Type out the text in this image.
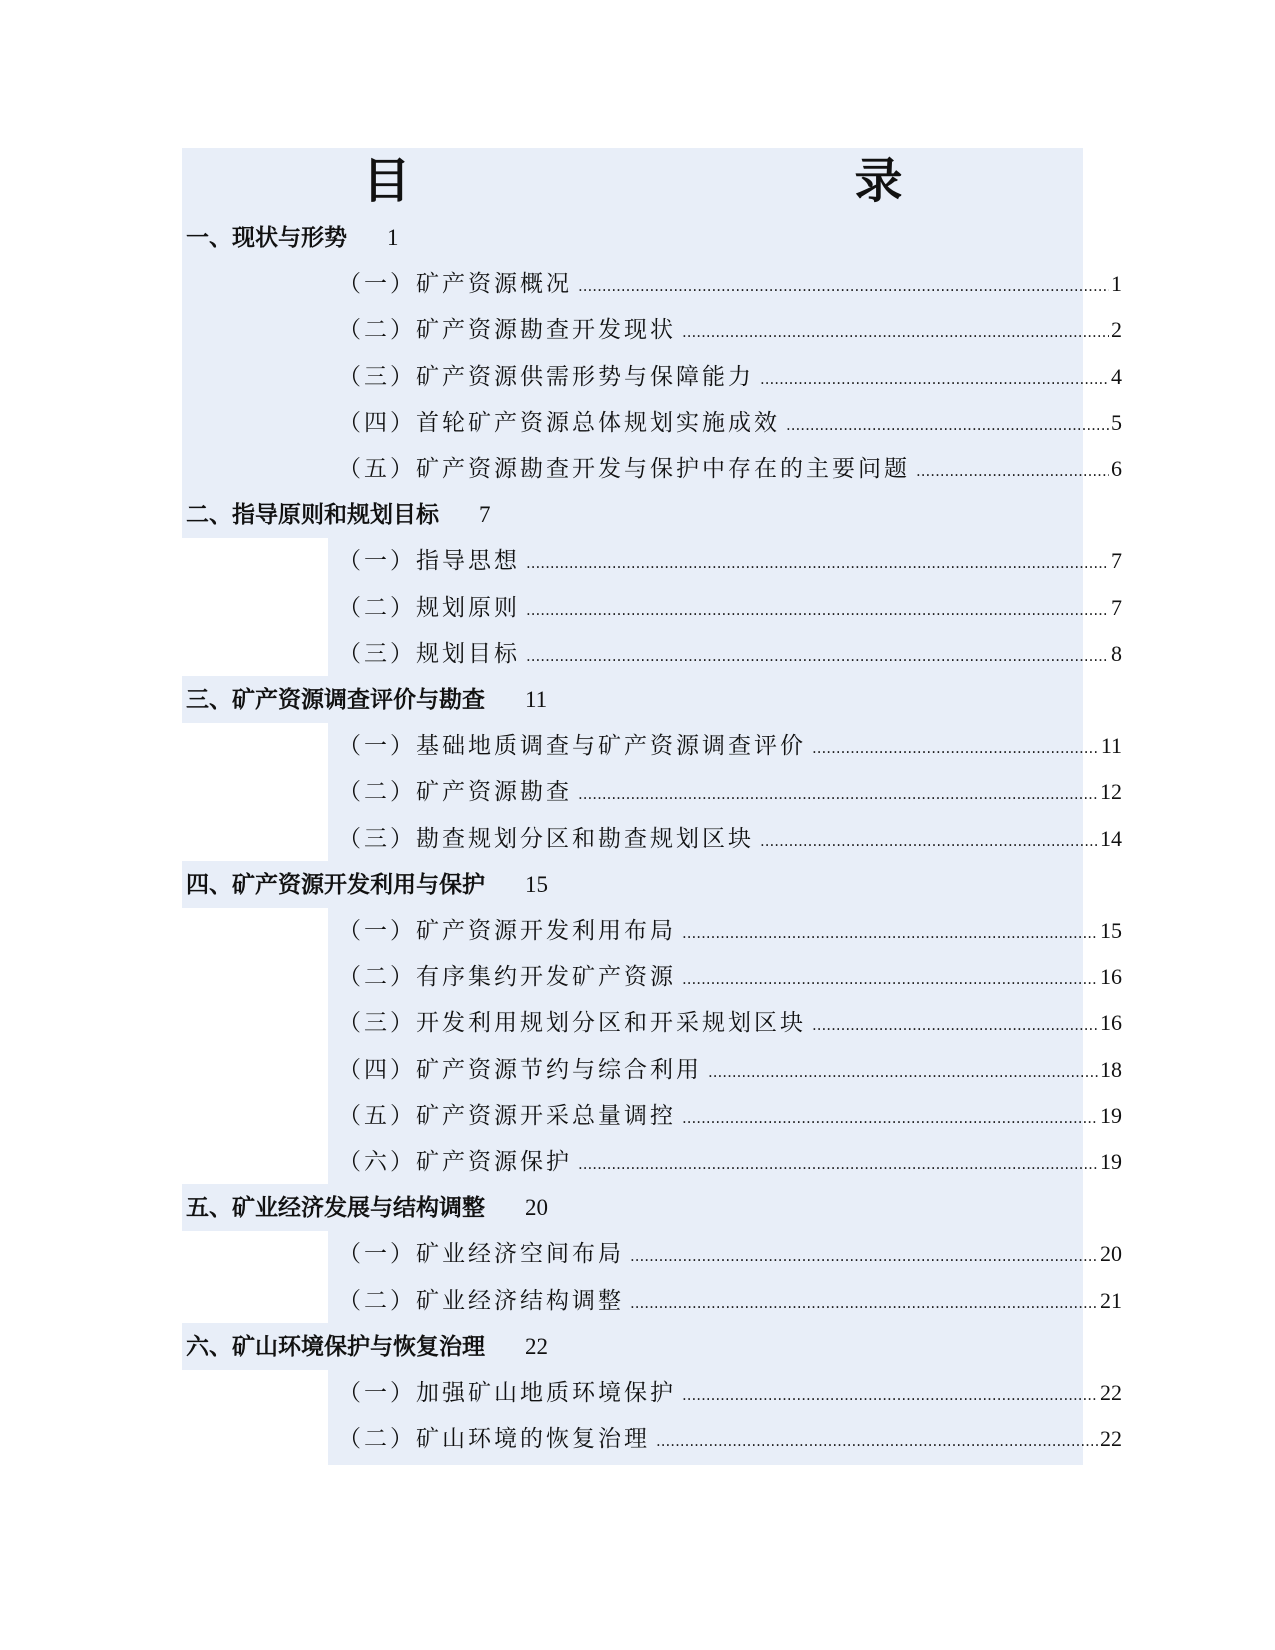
目　　录
一、现状与形势 1
（一）矿产资源概况 .....	1
（二）矿产资源勘查开发现状 .....	2
（三）矿产资源供需形势与保障能力 .....	4
（四）首轮矿产资源总体规划实施成效 .....	5
（五）矿产资源勘查开发与保护中存在的主要问题 .....	6
二、指导原则和规划目标 7
（一）指导思想 .....	7
（二）规划原则 .....	7
（三）规划目标 .....	8
三、矿产资源调查评价与勘查 11
（一）基础地质调查与矿产资源调查评价 .....	11
（二）矿产资源勘查 .....	12
（三）勘查规划分区和勘查规划区块 .....	14
四、矿产资源开发利用与保护 15
（一）矿产资源开发利用布局 .....	15
（二）有序集约开发矿产资源 .....	16
（三）开发利用规划分区和开采规划区块 .....	16
（四）矿产资源节约与综合利用 .....	18
（五）矿产资源开采总量调控 .....	19
（六）矿产资源保护 .....	19
五、矿业经济发展与结构调整 20
（一）矿业经济空间布局 .....	20
（二）矿业经济结构调整 .....	21
六、矿山环境保护与恢复治理 22
（一）加强矿山地质环境保护 .....	22
（二）矿山环境的恢复治理 .....	22
